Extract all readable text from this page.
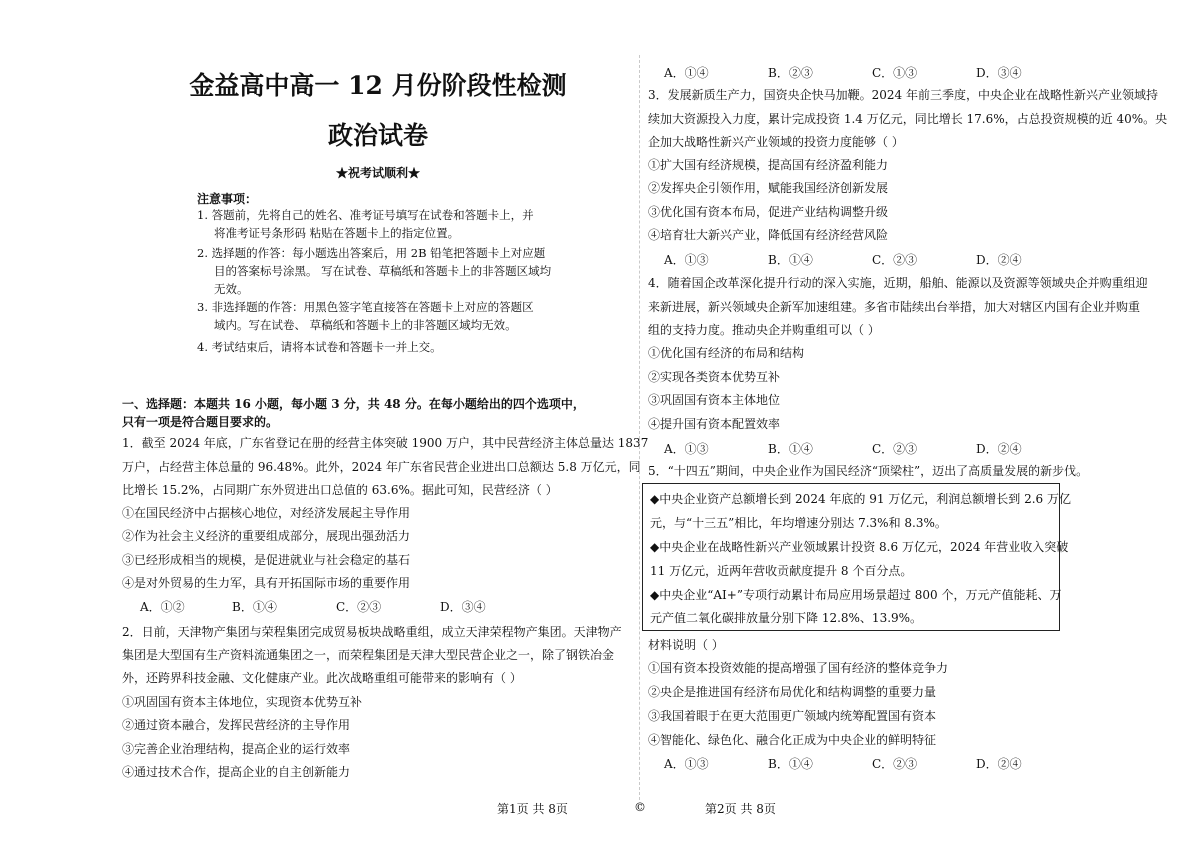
金益高中高一 12 月份阶段性检测
政治试卷
★祝考试顺利★
注意事项：
1. 答题前，先将自己的姓名、准考证号填写在试卷和答题卡上，并
将准考证号条形码 粘贴在答题卡上的指定位置。
2. 选择题的作答：每小题选出答案后，用 2B 铅笔把答题卡上对应题
目的答案标号涂黑。 写在试卷、草稿纸和答题卡上的非答题区域均
无效。
3. 非选择题的作答：用黑色签字笔直接答在答题卡上对应的答题区
域内。写在试卷、 草稿纸和答题卡上的非答题区域均无效。
4. 考试结束后，请将本试卷和答题卡一并上交。
一、选择题：本题共 16 小题，每小题 3 分，共 48 分。在每小题给出的四个选项中，
只有一项是符合题目要求的。
1．截至 2024 年底，广东省登记在册的经营主体突破 1900 万户，其中民营经济主体总量达 1837
万户，占经营主体总量的 96.48%。此外，2024 年广东省民营企业进出口总额达 5.8 万亿元，同
比增长 15.2%，占同期广东外贸进出口总值的 63.6%。据此可知，民营经济（ ）
①在国民经济中占据核心地位，对经济发展起主导作用
②作为社会主义经济的重要组成部分，展现出强劲活力
③已经形成相当的规模，是促进就业与社会稳定的基石
④是对外贸易的生力军，具有开拓国际市场的重要作用
A．①②	B．①④	C．②③	D．③④
2．日前，天津物产集团与荣程集团完成贸易板块战略重组，成立天津荣程物产集团。天津物产
集团是大型国有生产资料流通集团之一，而荣程集团是天津大型民营企业之一，除了钢铁冶金
外，还跨界科技金融、文化健康产业。此次战略重组可能带来的影响有（ ）
①巩固国有资本主体地位，实现资本优势互补
②通过资本融合，发挥民营经济的主导作用
③完善企业治理结构，提高企业的运行效率
④通过技术合作，提高企业的自主创新能力
A．①④	B．②③	C．①③	D．③④
3．发展新质生产力，国资央企快马加鞭。2024 年前三季度，中央企业在战略性新兴产业领域持
续加大资源投入力度，累计完成投资 1.4 万亿元，同比增长 17.6%，占总投资规模的近 40%。央
企加大战略性新兴产业领域的投资力度能够（ ）
①扩大国有经济规模，提高国有经济盈利能力
②发挥央企引领作用，赋能我国经济创新发展
③优化国有资本布局，促进产业结构调整升级
④培育壮大新兴产业，降低国有经济经营风险
A．①③	B．①④	C．②③	D．②④
4．随着国企改革深化提升行动的深入实施，近期，船舶、能源以及资源等领域央企并购重组迎
来新进展，新兴领域央企新军加速组建。多省市陆续出台举措，加大对辖区内国有企业并购重
组的支持力度。推动央企并购重组可以（ ）
①优化国有经济的布局和结构
②实现各类资本优势互补
③巩固国有资本主体地位
④提升国有资本配置效率
A．①③	B．①④	C．②③	D．②④
5．“十四五”期间，中央企业作为国民经济“顶梁柱”，迈出了高质量发展的新步伐。
◆中央企业资产总额增长到 2024 年底的 91 万亿元，利润总额增长到 2.6 万亿
元，与“十三五”相比，年均增速分别达 7.3%和 8.3%。
◆中央企业在战略性新兴产业领域累计投资 8.6 万亿元，2024 年营业收入突破
11 万亿元，近两年营收贡献度提升 8 个百分点。
◆中央企业“AI+”专项行动累计布局应用场景超过 800 个，万元产值能耗、万
元产值二氧化碳排放量分别下降 12.8%、13.9%。
材料说明（ ）
①国有资本投资效能的提高增强了国有经济的整体竞争力
②央企是推进国有经济布局优化和结构调整的重要力量
③我国着眼于在更大范围更广领域内统筹配置国有资本
④智能化、绿色化、融合化正成为中央企业的鲜明特征
A．①③	B．①④	C．②③	D．②④
第1页 共 8页	©	第2页 共 8页
